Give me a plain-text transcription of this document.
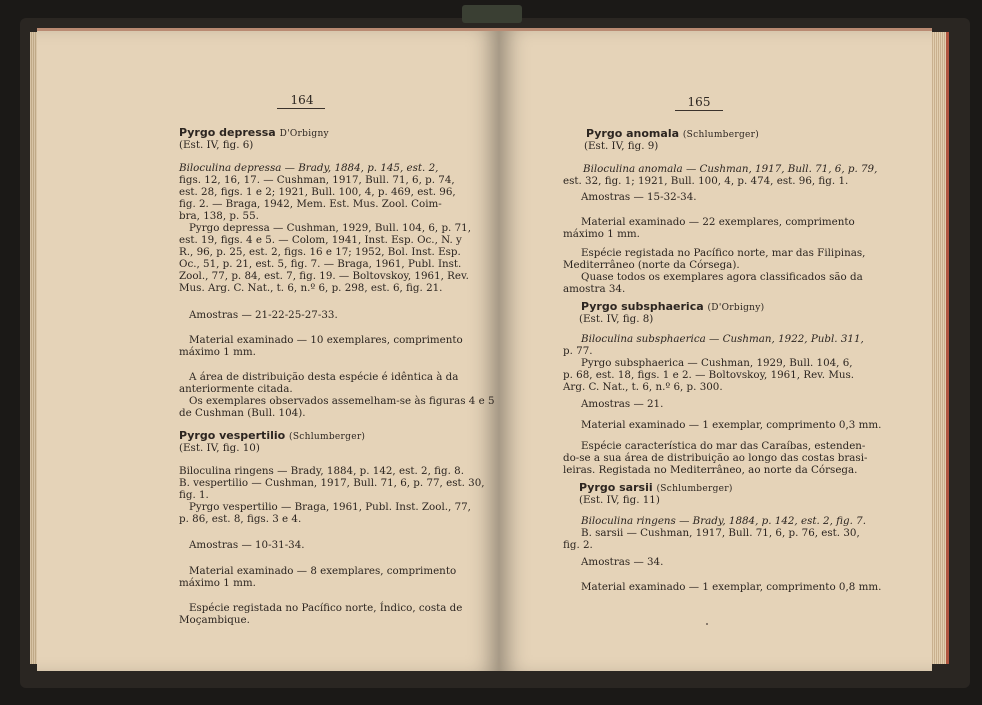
164
Pyrgo depressa D'Orbigny
(Est. IV, fig. 6)
Biloculina depressa — Brady, 1884, p. 145, est. 2,
figs. 12, 16, 17. — Cushman, 1917, Bull. 71, 6, p. 74,
est. 28, figs. 1 e 2; 1921, Bull. 100, 4, p. 469, est. 96,
fig. 2. — Braga, 1942, Mem. Est. Mus. Zool. Coim-
bra, 138, p. 55.
Pyrgo depressa — Cushman, 1929, Bull. 104, 6, p. 71,
est. 19, figs. 4 e 5. — Colom, 1941, Inst. Esp. Oc., N. y
R., 96, p. 25, est. 2, figs. 16 e 17; 1952, Bol. Inst. Esp.
Oc., 51, p. 21, est. 5, fig. 7. — Braga, 1961, Publ. Inst.
Zool., 77, p. 84, est. 7, fig. 19. — Boltovskoy, 1961, Rev.
Mus. Arg. C. Nat., t. 6, n.º 6, p. 298, est. 6, fig. 21.
Amostras — 21-22-25-27-33.
Material examinado — 10 exemplares, comprimento
máximo 1 mm.
A área de distribuição desta espécie é idêntica à da
anteriormente citada.
Os exemplares observados assemelham-se às figuras 4 e 5
de Cushman (Bull. 104).
Pyrgo vespertilio (Schlumberger)
(Est. IV, fig. 10)
Biloculina ringens — Brady, 1884, p. 142, est. 2, fig. 8.
B. vespertilio — Cushman, 1917, Bull. 71, 6, p. 77, est. 30,
fig. 1.
Pyrgo vespertilio — Braga, 1961, Publ. Inst. Zool., 77,
p. 86, est. 8, figs. 3 e 4.
Amostras — 10-31-34.
Material examinado — 8 exemplares, comprimento
máximo 1 mm.
Espécie registada no Pacífico norte, Índico, costa de
Moçambique.
165
Pyrgo anomala (Schlumberger)
(Est. IV, fig. 9)
Biloculina anomala — Cushman, 1917, Bull. 71, 6, p. 79,
est. 32, fig. 1; 1921, Bull. 100, 4, p. 474, est. 96, fig. 1.
Amostras — 15-32-34.
Material examinado — 22 exemplares, comprimento
máximo 1 mm.
Espécie registada no Pacífico norte, mar das Filipinas,
Mediterrâneo (norte da Córsega).
Quase todos os exemplares agora classificados são da
amostra 34.
Pyrgo subsphaerica (D'Orbigny)
(Est. IV, fig. 8)
Biloculina subsphaerica — Cushman, 1922, Publ. 311,
p. 77.
Pyrgo subsphaerica — Cushman, 1929, Bull. 104, 6,
p. 68, est. 18, figs. 1 e 2. — Boltovskoy, 1961, Rev. Mus.
Arg. C. Nat., t. 6, n.º 6, p. 300.
Amostras — 21.
Material examinado — 1 exemplar, comprimento 0,3 mm.
Espécie característica do mar das Caraíbas, estenden-
do-se a sua área de distribuição ao longo das costas brasi-
leiras. Registada no Mediterrâneo, ao norte da Córsega.
Pyrgo sarsii (Schlumberger)
(Est. IV, fig. 11)
Biloculina ringens — Brady, 1884, p. 142, est. 2, fig. 7.
B. sarsii — Cushman, 1917, Bull. 71, 6, p. 76, est. 30,
fig. 2.
Amostras — 34.
Material examinado — 1 exemplar, comprimento 0,8 mm.
